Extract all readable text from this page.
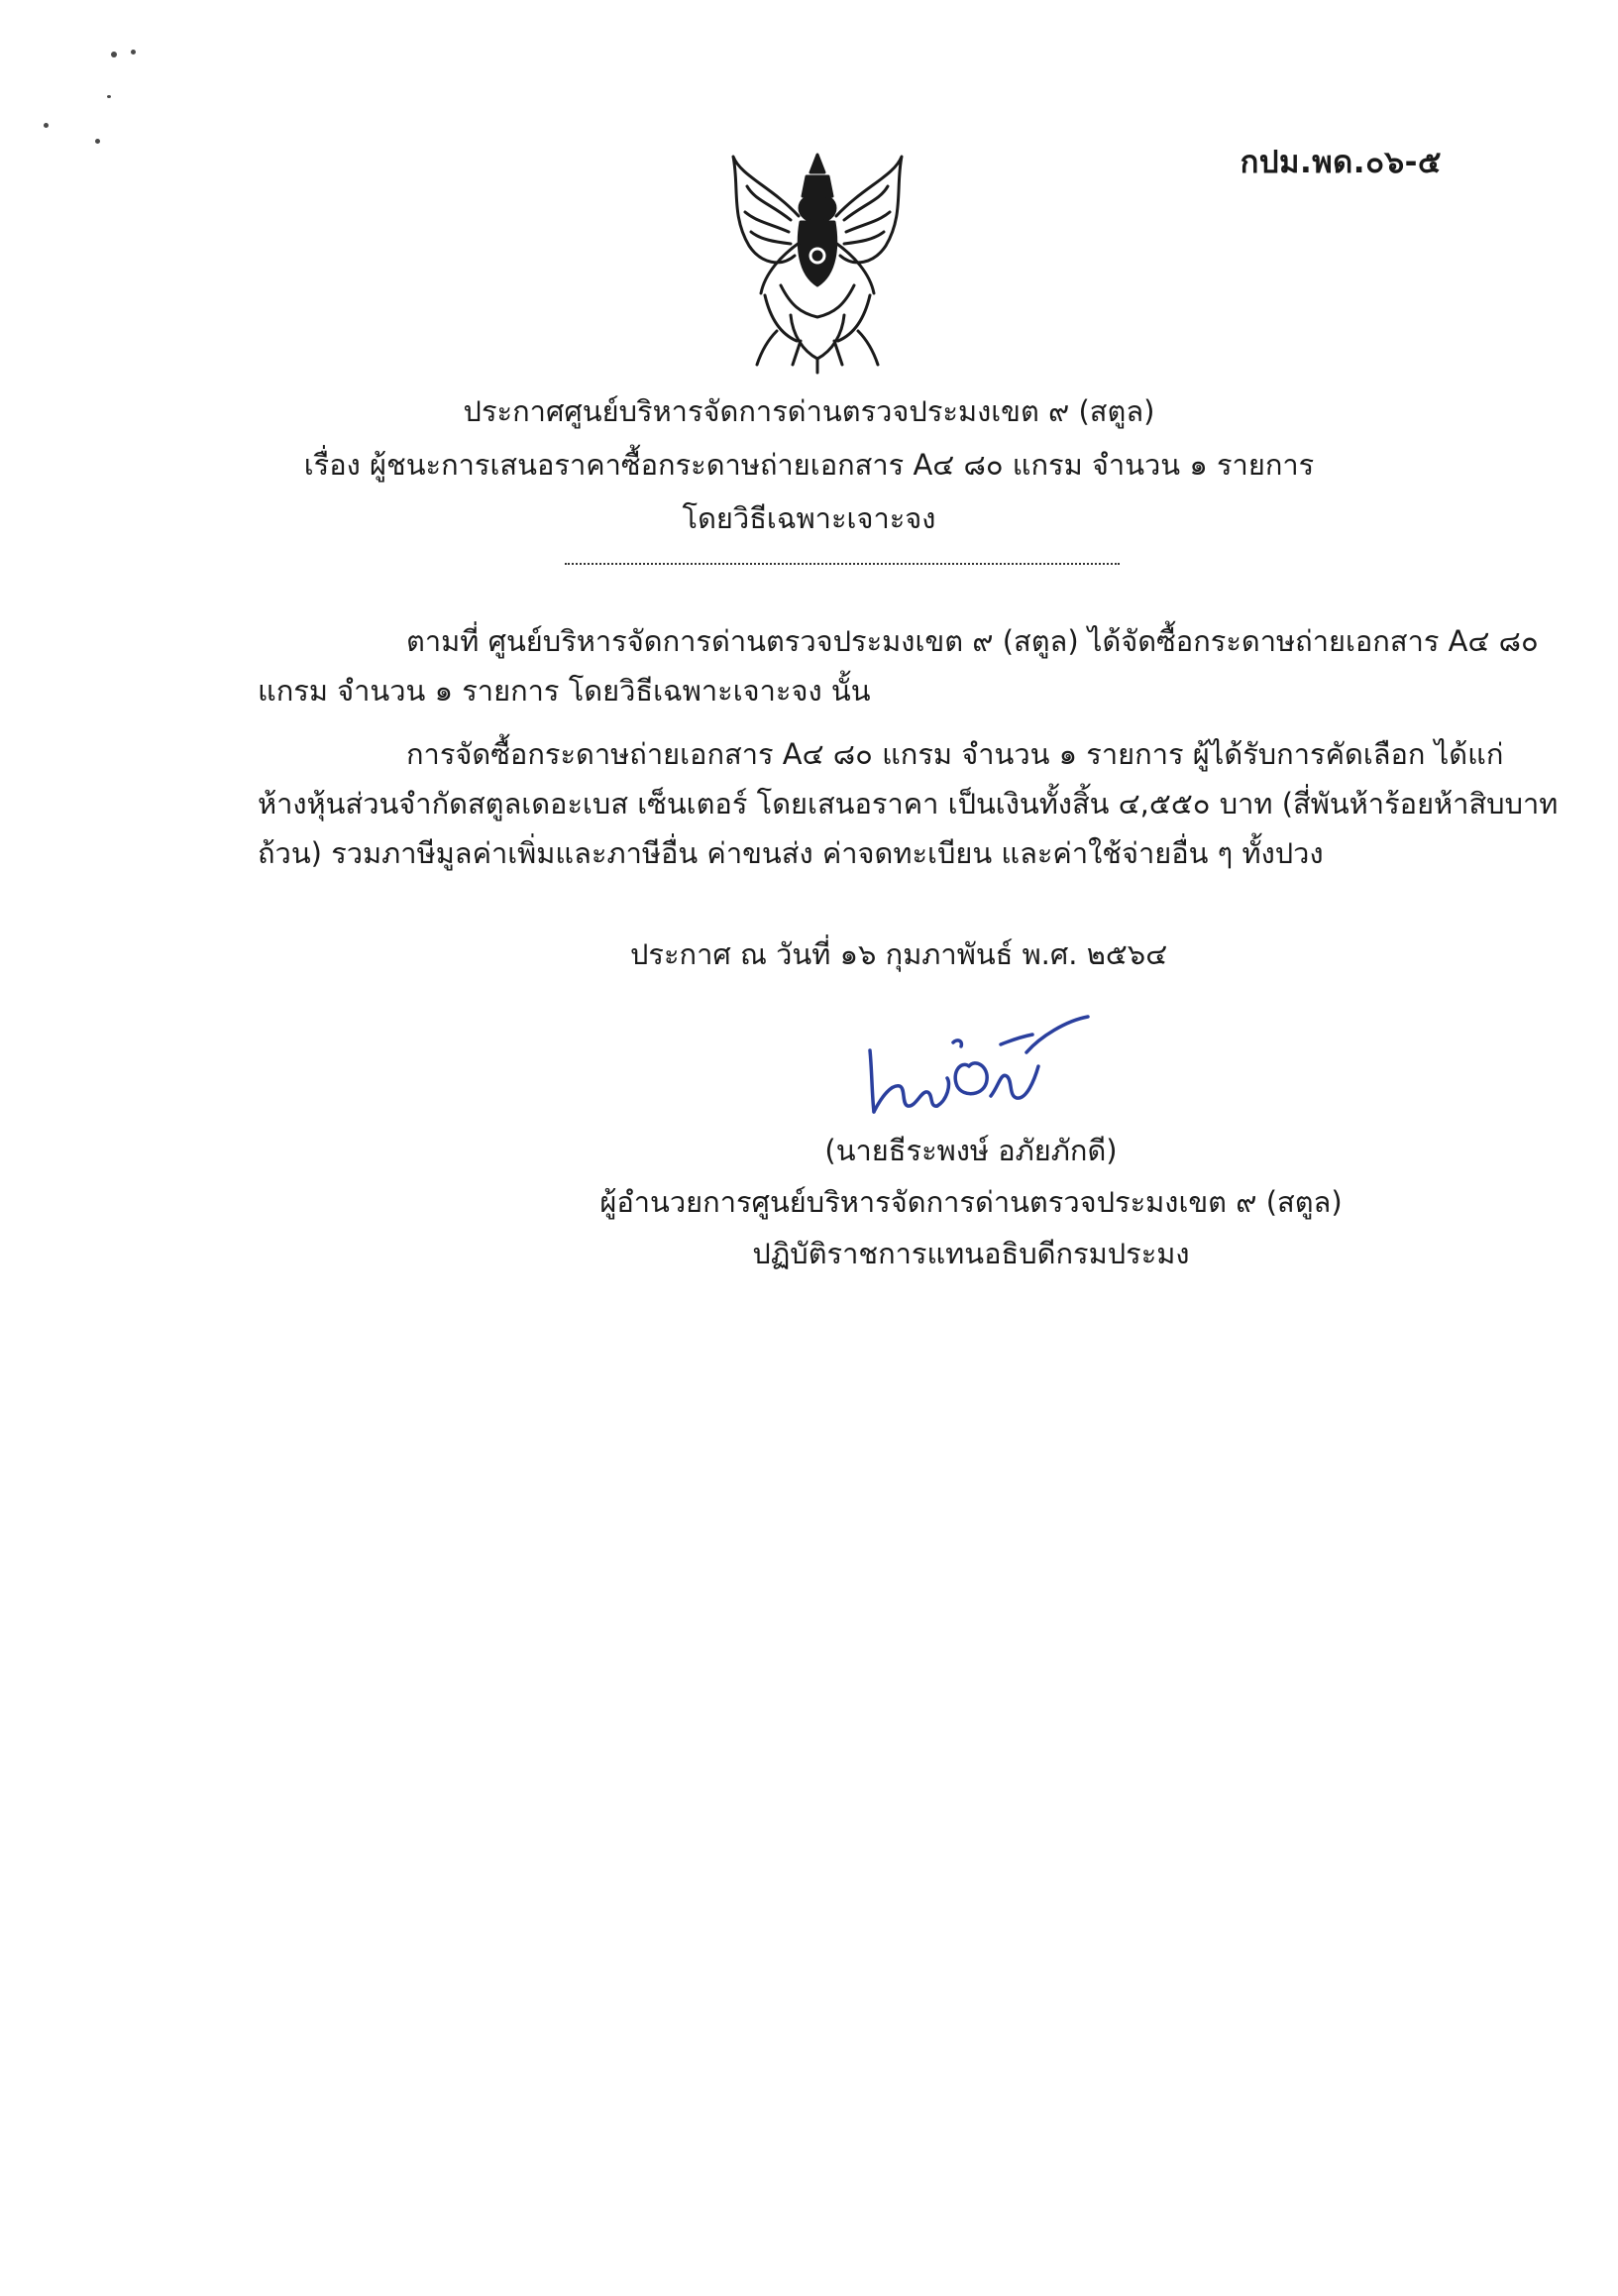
กปม.พด.๐๖-๕
ประกาศศูนย์บริหารจัดการด่านตรวจประมงเขต ๙ (สตูล)
เรื่อง ผู้ชนะการเสนอราคาซื้อกระดาษถ่ายเอกสาร A๔ ๘๐ แกรม จำนวน ๑ รายการ
โดยวิธีเฉพาะเจาะจง
ตามที่ ศูนย์บริหารจัดการด่านตรวจประมงเขต ๙ (สตูล) ได้จัดซื้อกระดาษถ่ายเอกสาร A๔ ๘๐
แกรม จำนวน ๑ รายการ โดยวิธีเฉพาะเจาะจง นั้น
การจัดซื้อกระดาษถ่ายเอกสาร A๔ ๘๐ แกรม จำนวน ๑ รายการ ผู้ได้รับการคัดเลือก ได้แก่
ห้างหุ้นส่วนจำกัดสตูลเดอะเบส เซ็นเตอร์ โดยเสนอราคา เป็นเงินทั้งสิ้น ๔,๕๕๐ บาท (สี่พันห้าร้อยห้าสิบบาท
ถ้วน) รวมภาษีมูลค่าเพิ่มและภาษีอื่น ค่าขนส่ง ค่าจดทะเบียน และค่าใช้จ่ายอื่น ๆ ทั้งปวง
ประกาศ ณ วันที่ ๑๖ กุมภาพันธ์ พ.ศ. ๒๕๖๔
(นายธีระพงษ์ อภัยภักดี)
ผู้อำนวยการศูนย์บริหารจัดการด่านตรวจประมงเขต ๙ (สตูล)
ปฏิบัติราชการแทนอธิบดีกรมประมง
